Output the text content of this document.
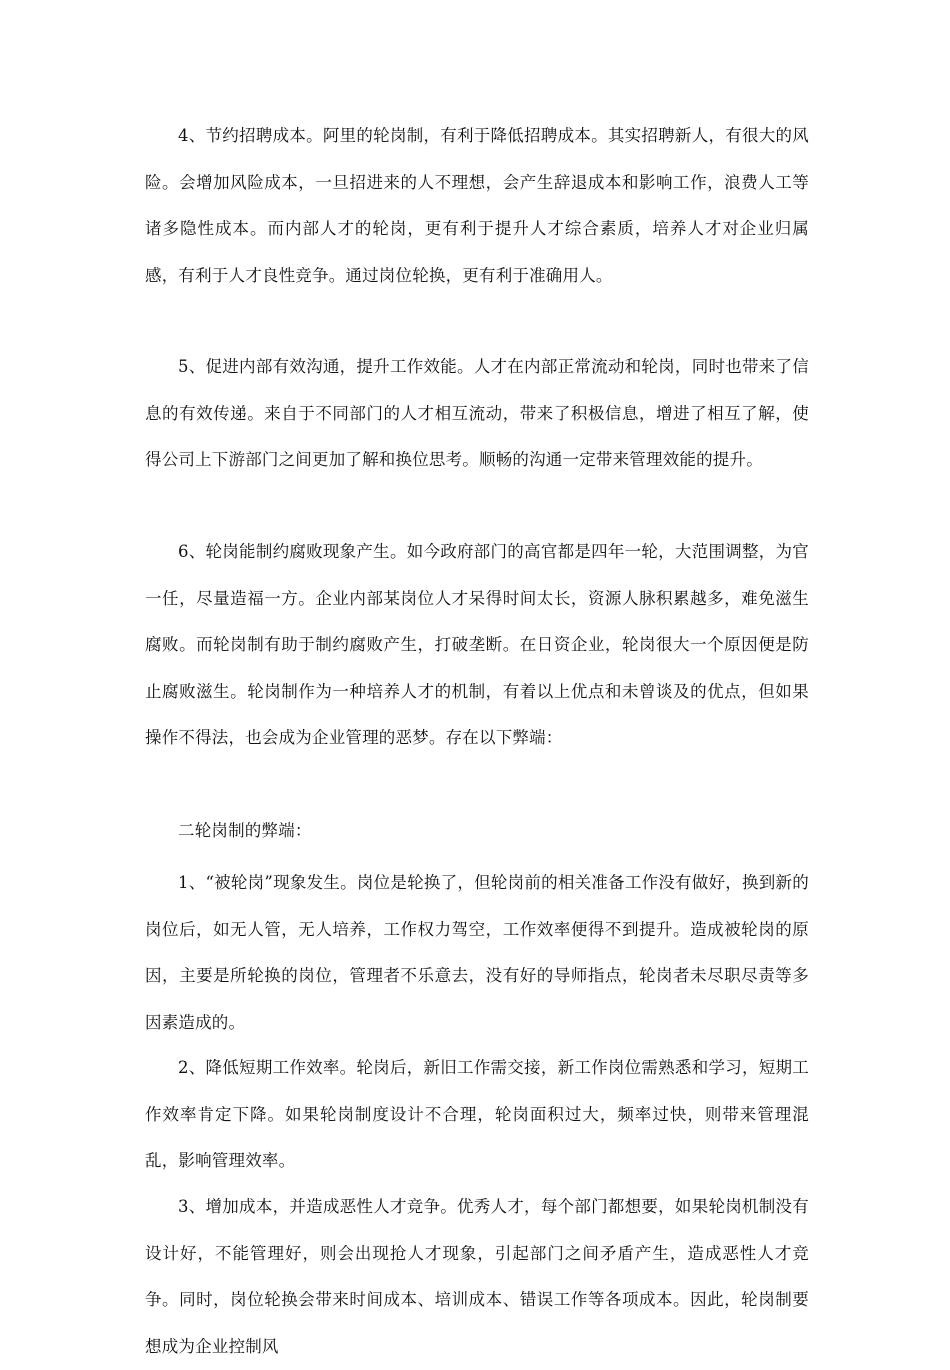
4、节约招聘成本。阿里的轮岗制，有利于降低招聘成本。其实招聘新人，有很大的风险。会增加风险成本，一旦招进来的人不理想，会产生辞退成本和影响工作，浪费人工等诸多隐性成本。而内部人才的轮岗，更有利于提升人才综合素质，培养人才对企业归属感，有利于人才良性竞争。通过岗位轮换，更有利于准确用人。

5、促进内部有效沟通，提升工作效能。人才在内部正常流动和轮岗，同时也带来了信息的有效传递。来自于不同部门的人才相互流动，带来了积极信息，增进了相互了解，使得公司上下游部门之间更加了解和换位思考。顺畅的沟通一定带来管理效能的提升。

6、轮岗能制约腐败现象产生。如今政府部门的高官都是四年一轮，大范围调整，为官一任，尽量造福一方。企业内部某岗位人才呆得时间太长，资源人脉积累越多，难免滋生腐败。而轮岗制有助于制约腐败产生，打破垄断。在日资企业，轮岗很大一个原因便是防止腐败滋生。轮岗制作为一种培养人才的机制，有着以上优点和未曾谈及的优点，但如果操作不得法，也会成为企业管理的恶梦。存在以下弊端：

二轮岗制的弊端：

1、“被轮岗”现象发生。岗位是轮换了，但轮岗前的相关准备工作没有做好，换到新的岗位后，如无人管，无人培养，工作权力驾空，工作效率便得不到提升。造成被轮岗的原因，主要是所轮换的岗位，管理者不乐意去，没有好的导师指点，轮岗者未尽职尽责等多因素造成的。

2、降低短期工作效率。轮岗后，新旧工作需交接，新工作岗位需熟悉和学习，短期工作效率肯定下降。如果轮岗制度设计不合理，轮岗面积过大，频率过快，则带来管理混乱，影响管理效率。

3、增加成本，并造成恶性人才竞争。优秀人才，每个部门都想要，如果轮岗机制没有设计好，不能管理好，则会出现抢人才现象，引起部门之间矛盾产生，造成恶性人才竞争。同时，岗位轮换会带来时间成本、培训成本、错误工作等各项成本。因此，轮岗制要想成为企业控制风
